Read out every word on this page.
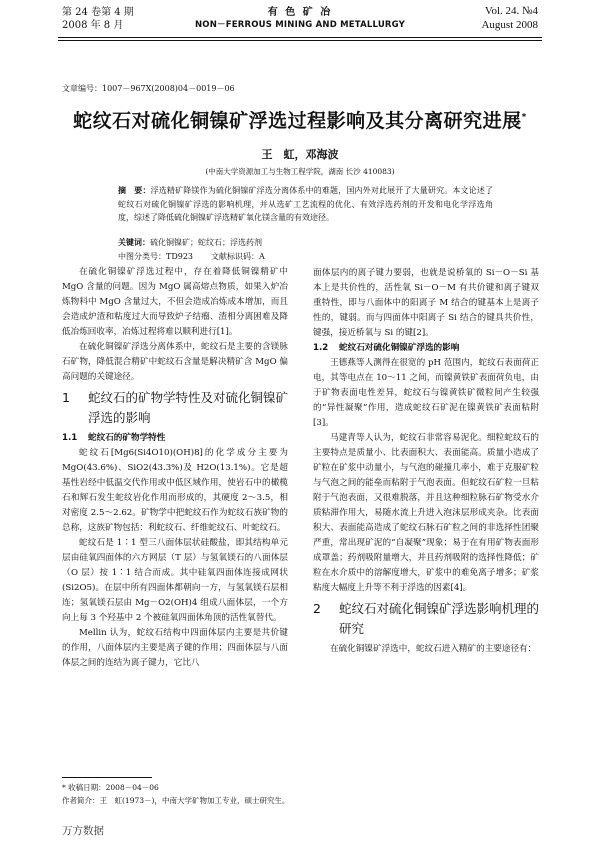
第 24 卷第 4 期
2008 年 8 月
有 色 矿 冶
NON－FERROUS MINING AND METALLURGY
Vol. 24. №4
August 2008
文章编号：1007－967X(2008)04－0019－06
蛇纹石对硫化铜镍矿浮选过程影响及其分离研究进展*
王　虹，邓海波
(中南大学资源加工与生物工程学院，湖南 长沙 410083)
摘　要：浮选精矿降镁作为硫化铜镍矿浮选分离体系中的难题，国内外对此展开了大量研究。本文论述了蛇纹石对硫化铜镍矿浮选的影响机理，并从选矿工艺流程的优化、有效浮选药剂的开发和电化学浮选角度，综述了降低硫化铜镍矿浮选精矿氧化镁含量的有效途径。
关键词：硫化铜镍矿；蛇纹石；浮选药剂
中图分类号：TD923 文献标识码：A

在硫化铜镍矿浮选过程中，存在着降低铜镍精矿中 MgO 含量的问题。因为 MgO 属高熔点物质，如果入炉冶炼物料中 MgO 含量过大，不但会造成冶炼成本增加，而且会造成炉渣和粘度过大而导致炉子结瘤、渣相分离困难及降低冶炼回收率，冶炼过程将难以顺利进行[1]。

在硫化铜镍矿浮选分离体系中，蛇纹石是主要的含镁脉石矿物，降低混合精矿中蛇纹石含量是解决精矿含 MgO 偏高问题的关键途径。

1	蛇纹石的矿物学特性及对硫化铜镍矿浮选的影响
1.1	蛇纹石的矿物学特性

蛇纹石[Mg6(Si4O10)(OH)8]的化学成分主要为 MgO(43.6%)、SiO2(43.3%)及 H2O(13.1%)。它是超基性岩经中低温交代作用或中低区域作用，使岩石中的橄榄石和辉石发生蛇纹岩化作用而形成的，其硬度 2～3.5，相对密度 2.5～2.62。矿物学中把蛇纹石作为蛇纹石族矿物的总称，这族矿物包括：利蛇纹石、纤维蛇纹石、叶蛇纹石。

蛇纹石是 1∶1 型三八面体层状硅酸盐，即其结构单元层由硅氧四面体的六方网层（T 层）与氢氧镁石的八面体层（O 层）按 1∶1 结合而成。其中硅氧四面体连接成网状(Si2O5)。在层中所有四面体都朝向一方，与氢氧镁石层相连；氢氧镁石层由 Mg－O2(OH)4 组成八面体层，一个方向上每 3 个羟基中 2 个被硅氧四面体角顶的活性氧替代。

Mellin 认为，蛇纹石结构中四面体层内主要是共价键的作用，八面体层内主要是离子键的作用；四面体层与八面体层之间的连结为离子键力，它比八

面体层内的离子键力要弱，也就是说桥氧的 Si－O－Si 基本上是共价性的，活性氧 Si－O－M 有共价键和离子键双重特性，即与八面体中的阳离子 M 结合的键基本上是离子性的，键弱。而与四面体中阳离子 Si 结合的键具共价性，键强，接近桥氧与 Si 的键[2]。

1.2	蛇纹石对硫化铜镍矿浮选的影响

王德燕等人测得在很宽的 pH 范围内，蛇纹石表面荷正电，其等电点在 10～11 之间，而镍黄铁矿表面荷负电，由于矿物表面电性差异，蛇纹石与镍黄铁矿微粒间产生较强的“异性凝聚”作用，造成蛇纹石矿泥在镍黄铁矿表面粘附[3]。

马建青等人认为，蛇纹石非常容易泥化。细粒蛇纹石的主要特点是质量小、比表面积大、表面能高。质量小造成了矿粒在矿浆中动量小，与气泡的碰撞几率小，难于克服矿粒与气泡之间的能垒而粘附于气泡表面。但蛇纹石矿粒一旦粘附于气泡表面，又很难脱落，并且这种细粒脉石矿物受水介质粘滞作用大，易随水流上升进入泡沫层形成夹杂。比表面积大、表面能高造成了蛇纹石脉石矿粒之间的非选择性团聚严重，常出现矿泥的“自凝聚”现象；易于在有用矿物表面形成罩盖；药剂吸附量增大，并且药剂吸附的选择性降低；矿粒在水介质中的溶解度增大，矿浆中的难免离子增多；矿浆粘度大幅度上升等不利于浮选的因素[4]。

2	蛇纹石对硫化铜镍矿浮选影响机理的研究

在硫化铜镍矿浮选中，蛇纹石进入精矿的主要途径有：

* 收稿日期：2008－04－06
作者简介：王　虹(1973－)，中南大学矿物加工专业，硕士研究生。
万方数据
